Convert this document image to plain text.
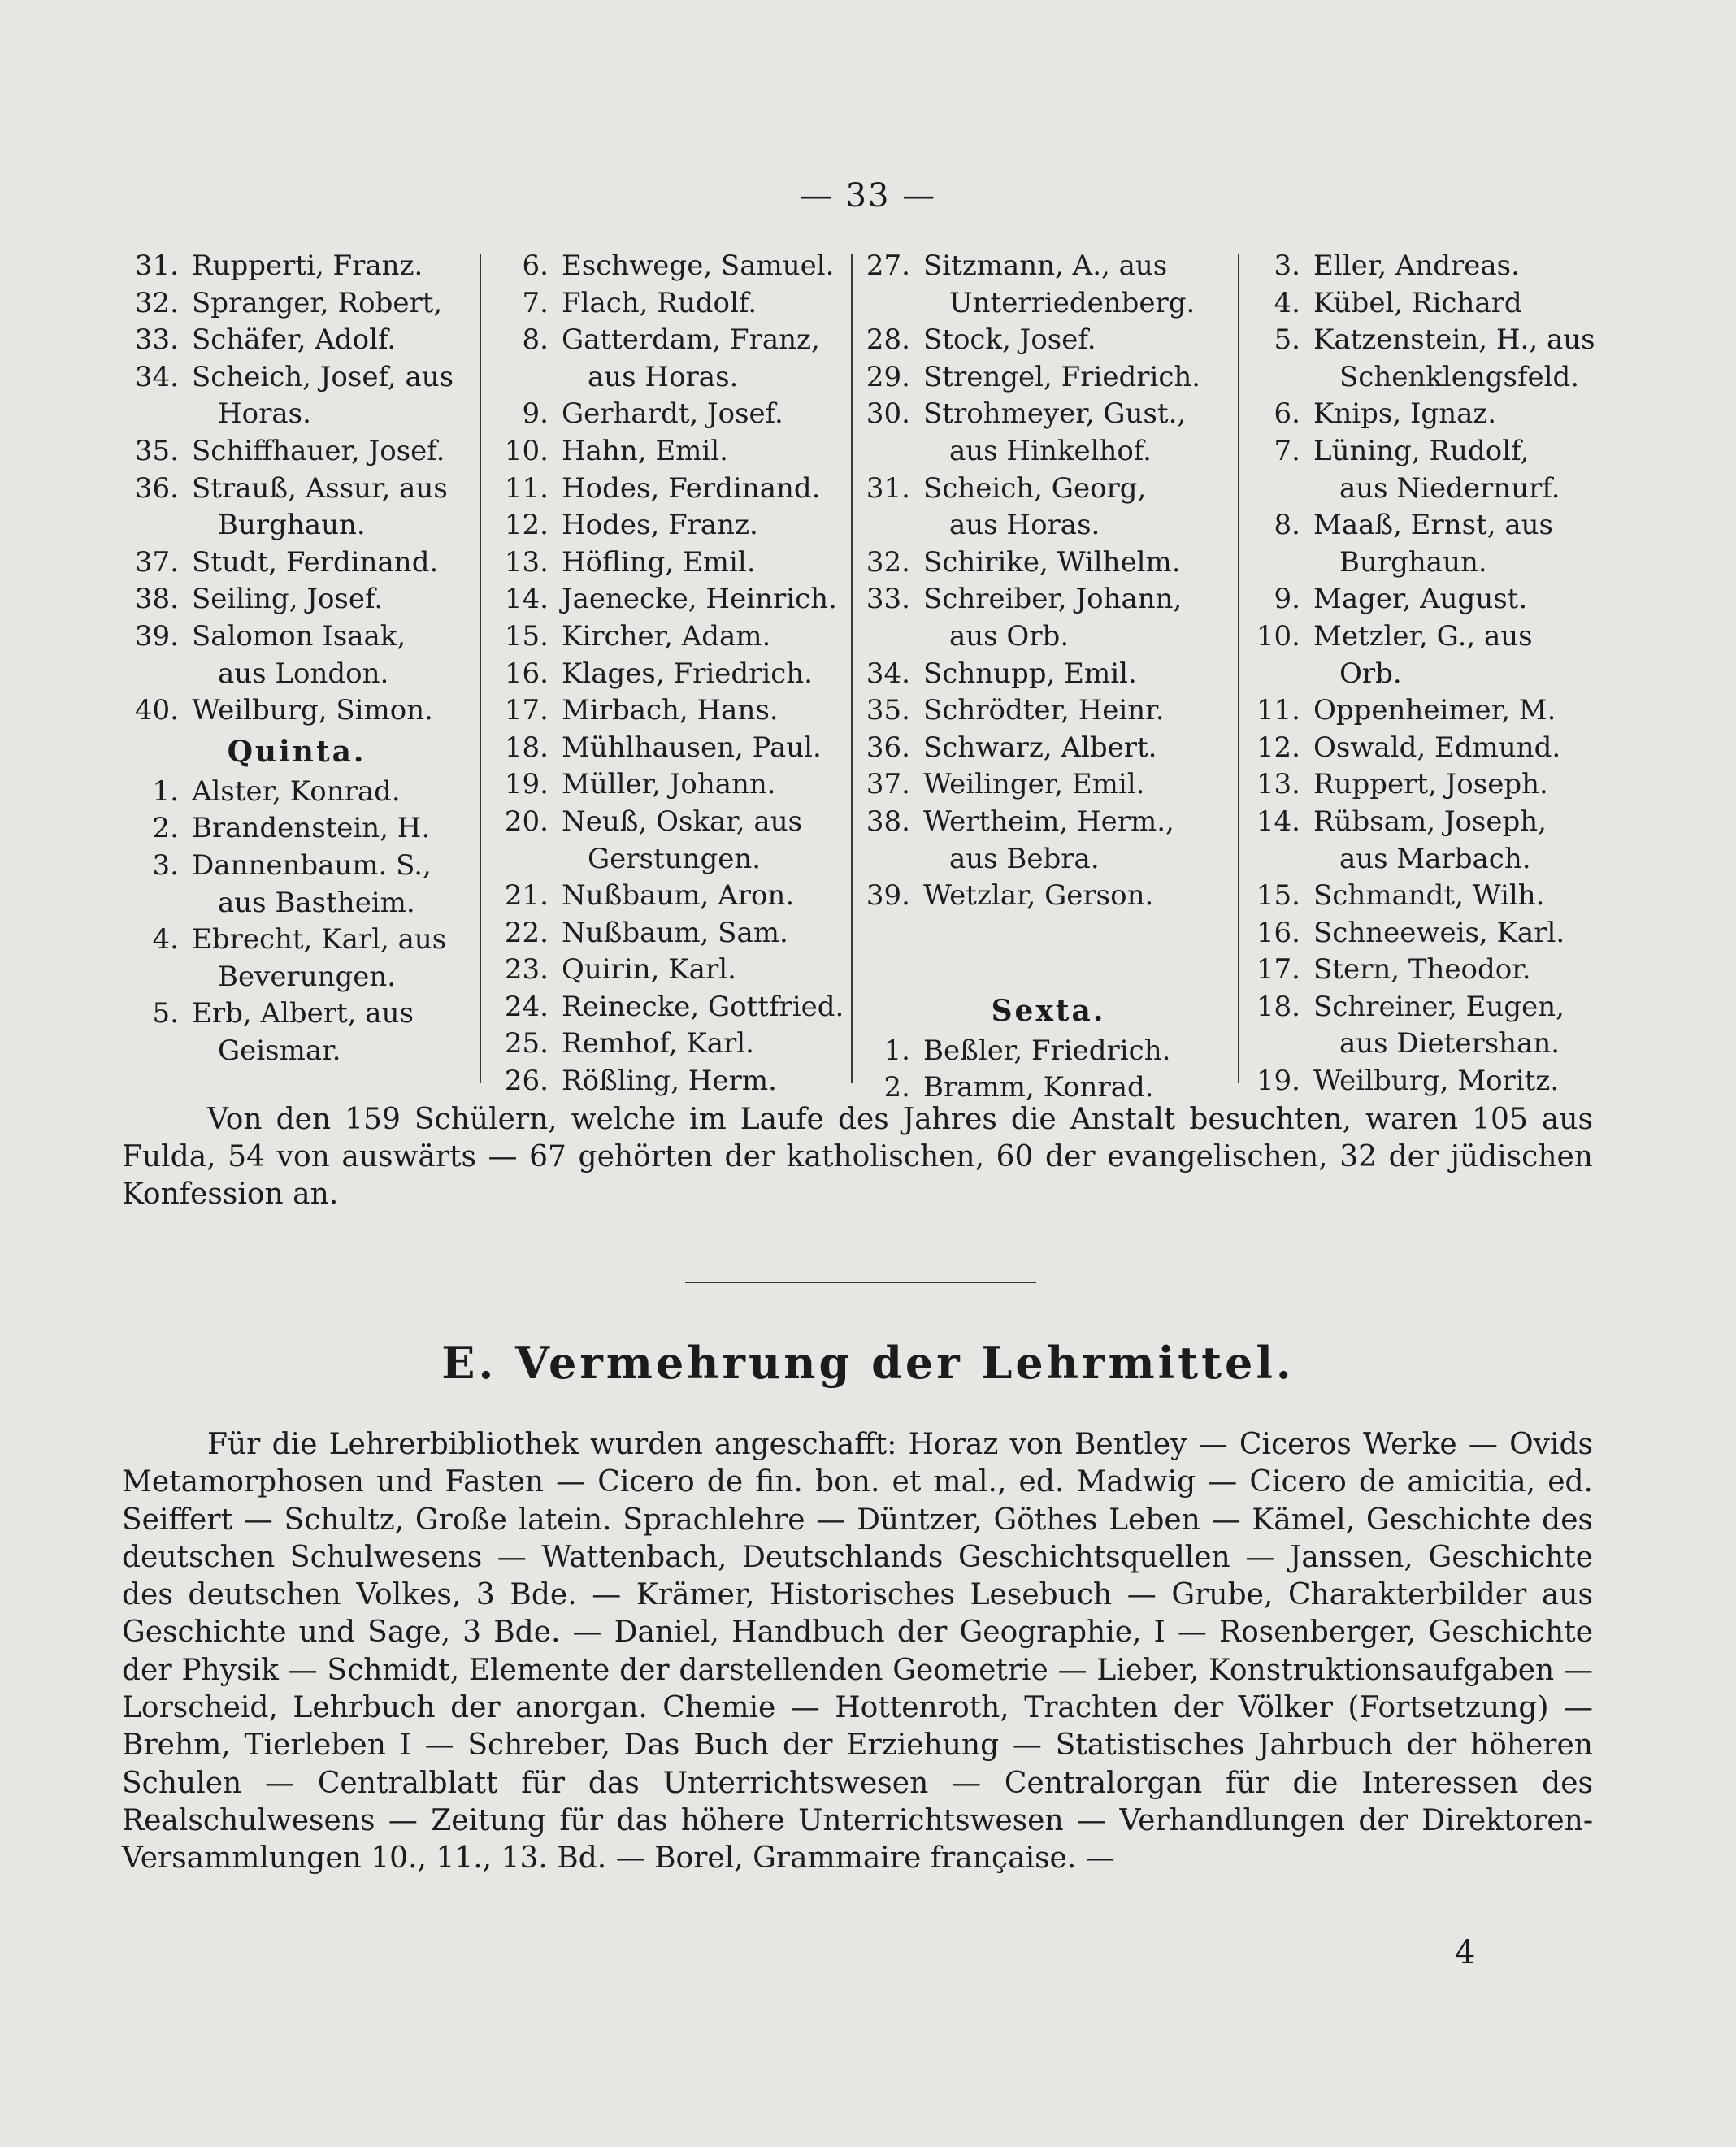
— 33 —
31. Rupperti, Franz.
32. Spranger, Robert,
33. Schäfer, Adolf.
34. Scheich, Josef, aus
Horas.
35. Schiffhauer, Josef.
36. Strauß, Assur, aus
Burghaun.
37. Studt, Ferdinand.
38. Seiling, Josef.
39. Salomon Isaak,
aus London.
40. Weilburg, Simon.
Quinta.
1. Alster, Konrad.
2. Brandenstein, H.
3. Dannenbaum. S.,
aus Bastheim.
4. Ebrecht, Karl, aus
Beverungen.
5. Erb, Albert, aus
Geismar.
6. Eschwege, Samuel.
7. Flach, Rudolf.
8. Gatterdam, Franz,
aus Horas.
9. Gerhardt, Josef.
10. Hahn, Emil.
11. Hodes, Ferdinand.
12. Hodes, Franz.
13. Höfling, Emil.
14. Jaenecke, Heinrich.
15. Kircher, Adam.
16. Klages, Friedrich.
17. Mirbach, Hans.
18. Mühlhausen, Paul.
19. Müller, Johann.
20. Neuß, Oskar, aus
Gerstungen.
21. Nußbaum, Aron.
22. Nußbaum, Sam.
23. Quirin, Karl.
24. Reinecke, Gottfried.
25. Remhof, Karl.
26. Rößling, Herm.
27. Sitzmann, A., aus
Unterriedenberg.
28. Stock, Josef.
29. Strengel, Friedrich.
30. Strohmeyer, Gust.,
aus Hinkelhof.
31. Scheich, Georg,
aus Horas.
32. Schirike, Wilhelm.
33. Schreiber, Johann,
aus Orb.
34. Schnupp, Emil.
35. Schrödter, Heinr.
36. Schwarz, Albert.
37. Weilinger, Emil.
38. Wertheim, Herm.,
aus Bebra.
39. Wetzlar, Gerson.
Sexta.
1. Beßler, Friedrich.
2. Bramm, Konrad.
3. Eller, Andreas.
4. Kübel, Richard
5. Katzenstein, H., aus
Schenklengsfeld.
6. Knips, Ignaz.
7. Lüning, Rudolf,
aus Niedernurf.
8. Maaß, Ernst, aus
Burghaun.
9. Mager, August.
10. Metzler, G., aus
Orb.
11. Oppenheimer, M.
12. Oswald, Edmund.
13. Ruppert, Joseph.
14. Rübsam, Joseph,
aus Marbach.
15. Schmandt, Wilh.
16. Schneeweis, Karl.
17. Stern, Theodor.
18. Schreiner, Eugen,
aus Dietershan.
19. Weilburg, Moritz.
Von den 159 Schülern, welche im Laufe des Jahres die Anstalt besuchten, waren 105 aus Fulda, 54 von auswärts — 67 gehörten der katholischen, 60 der evangelischen, 32 der jüdischen Konfession an.
E. Vermehrung der Lehrmittel.
Für die Lehrerbibliothek wurden angeschafft: Horaz von Bentley — Ciceros Werke — Ovids Metamorphosen und Fasten — Cicero de fin. bon. et mal., ed. Madwig — Cicero de amicitia, ed. Seiffert — Schultz, Große latein. Sprachlehre — Düntzer, Göthes Leben — Kämel, Geschichte des deutschen Schulwesens — Wattenbach, Deutschlands Geschichtsquellen — Janssen, Geschichte des deutschen Volkes, 3 Bde. — Krämer, Historisches Lesebuch — Grube, Charakterbilder aus Geschichte und Sage, 3 Bde. — Daniel, Handbuch der Geographie, I — Rosenberger, Geschichte der Physik — Schmidt, Elemente der darstellenden Geometrie — Lieber, Konstruktionsaufgaben — Lorscheid, Lehrbuch der anorgan. Chemie — Hottenroth, Trachten der Völker (Fortsetzung) — Brehm, Tierleben I — Schreber, Das Buch der Erziehung — Statistisches Jahrbuch der höheren Schulen — Centralblatt für das Unterrichtswesen — Centralorgan für die Interessen des Realschulwesens — Zeitung für das höhere Unterrichtswesen — Verhandlungen der Direktoren-Versammlungen 10., 11., 13. Bd. — Borel, Grammaire française. —
4
